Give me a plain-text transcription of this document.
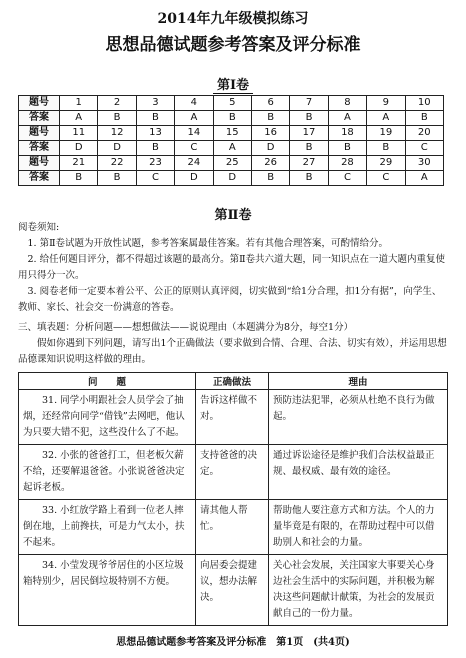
2014年九年级模拟练习
思想品德试题参考答案及评分标准
第Ⅰ卷
题号	1	2	3	4	5	6	7	8	9	10
答案	A	B	B	A	B	B	B	A	A	B
题号	11	12	13	14	15	16	17	18	19	20
答案	D	D	B	C	A	D	B	B	B	C
题号	21	22	23	24	25	26	27	28	29	30
答案	B	B	C	D	D	B	B	C	C	A
第Ⅱ卷
阅卷须知:
1. 第Ⅱ卷试题为开放性试题，参考答案属最佳答案。若有其他合理答案，可酌情给分。
2. 给任何题目评分，都不得超过该题的最高分。第Ⅱ卷共六道大题，同一知识点在一道大题内重复使用只得分一次。
3. 阅卷老师一定要本着公平、公正的原则认真评阅，切实做到“给1分合理，扣1分有据”，向学生、教师、家长、社会交一份满意的答卷。
三、填表题：分析问题——想想做法——说说理由（本题满分为8分，每空1分）
假如你遇到下列问题，请写出1个正确做法（要求做到合情、合理、合法、切实有效），并运用思想品德课知识说明这样做的理由。
问　　题	正确做法	理由
31. 同学小明跟社会人员学会了抽烟，还经常向同学“借钱”去网吧，他认为只要大错不犯，这些没什么了不起。	告诉这样做不对。	预防违法犯罪，必须从杜绝不良行为做起。
32. 小张的爸爸打工，但老板欠薪不给，还要解退爸爸。小张说爸爸决定起诉老板。	支持爸爸的决定。	通过诉讼途径是维护我们合法权益最正规、最权威、最有效的途径。
33. 小红放学路上看到一位老人摔倒在地，上前搀扶，可是力气太小，扶不起来。	请其他人帮忙。	帮助他人要注意方式和方法。个人的力量毕竟是有限的，在帮助过程中可以借助别人和社会的力量。
34. 小莹发现爷爷居住的小区垃圾箱特别少，居民倒垃圾特别不方便。	向居委会提建议，想办法解决。	关心社会发展，关注国家大事要关心身边社会生活中的实际问题，并积极为解决这些问题献计献策，为社会的发展贡献自己的一份力量。
思想品德试题参考答案及评分标准　第1页　(共4页)
